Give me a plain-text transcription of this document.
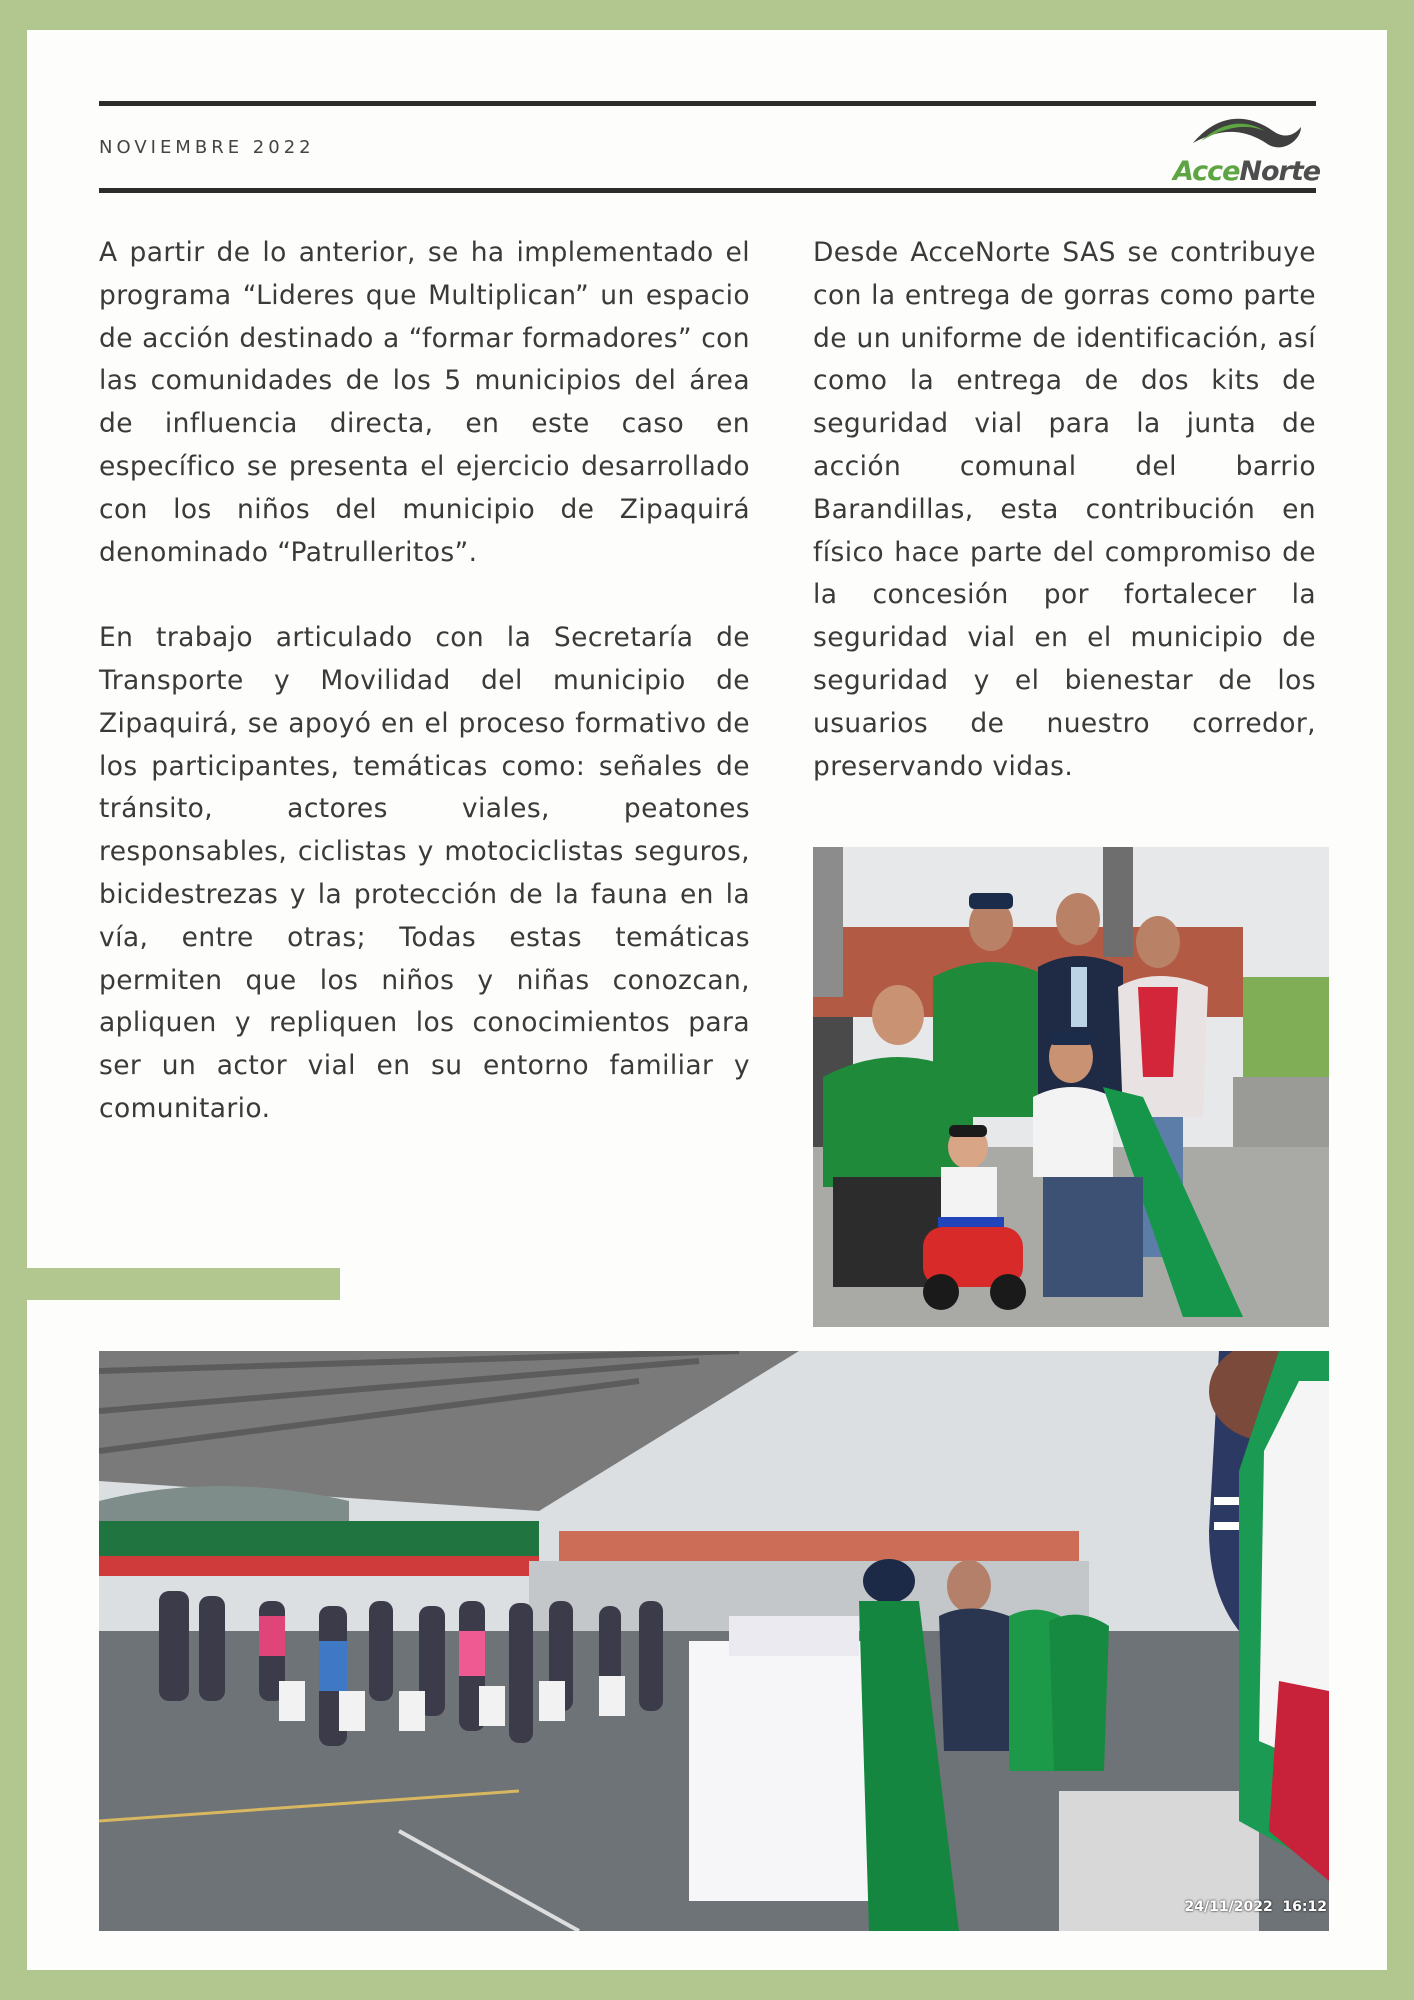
NOVIEMBRE 2022
AcceNorte

A partir de lo anterior, se ha implementado el programa “Lideres que Multiplican” un espacio de acción destinado a “formar formadores” con las comunidades de los 5 municipios del área de influencia directa, en este caso en específico se presenta el ejercicio desarrollado con los niños del municipio de Zipaquirá denominado “Patrulleritos”.

En trabajo articulado con la Secretaría de Transporte y Movilidad del municipio de Zipaquirá, se apoyó en el proceso formativo de los participantes, temáticas como: señales de tránsito, actores viales, peatones responsables, ciclistas y motociclistas seguros, bicidestrezas y la protección de la fauna en la vía, entre otras; Todas estas temáticas permiten que los niños y niñas conozcan, apliquen y repliquen los conocimientos para ser un actor vial en su entorno familiar y comunitario.

Desde AcceNorte SAS se contribuye con la entrega de gorras como parte de un uniforme de identificación, así como la entrega de dos kits de seguridad vial para la junta de acción comunal del barrio Barandillas, esta contribución en físico hace parte del compromiso de la concesión por fortalecer la seguridad vial en el municipio de seguridad y el bienestar de los usuarios de nuestro corredor, preservando vidas.

24/11/2022  16:12
